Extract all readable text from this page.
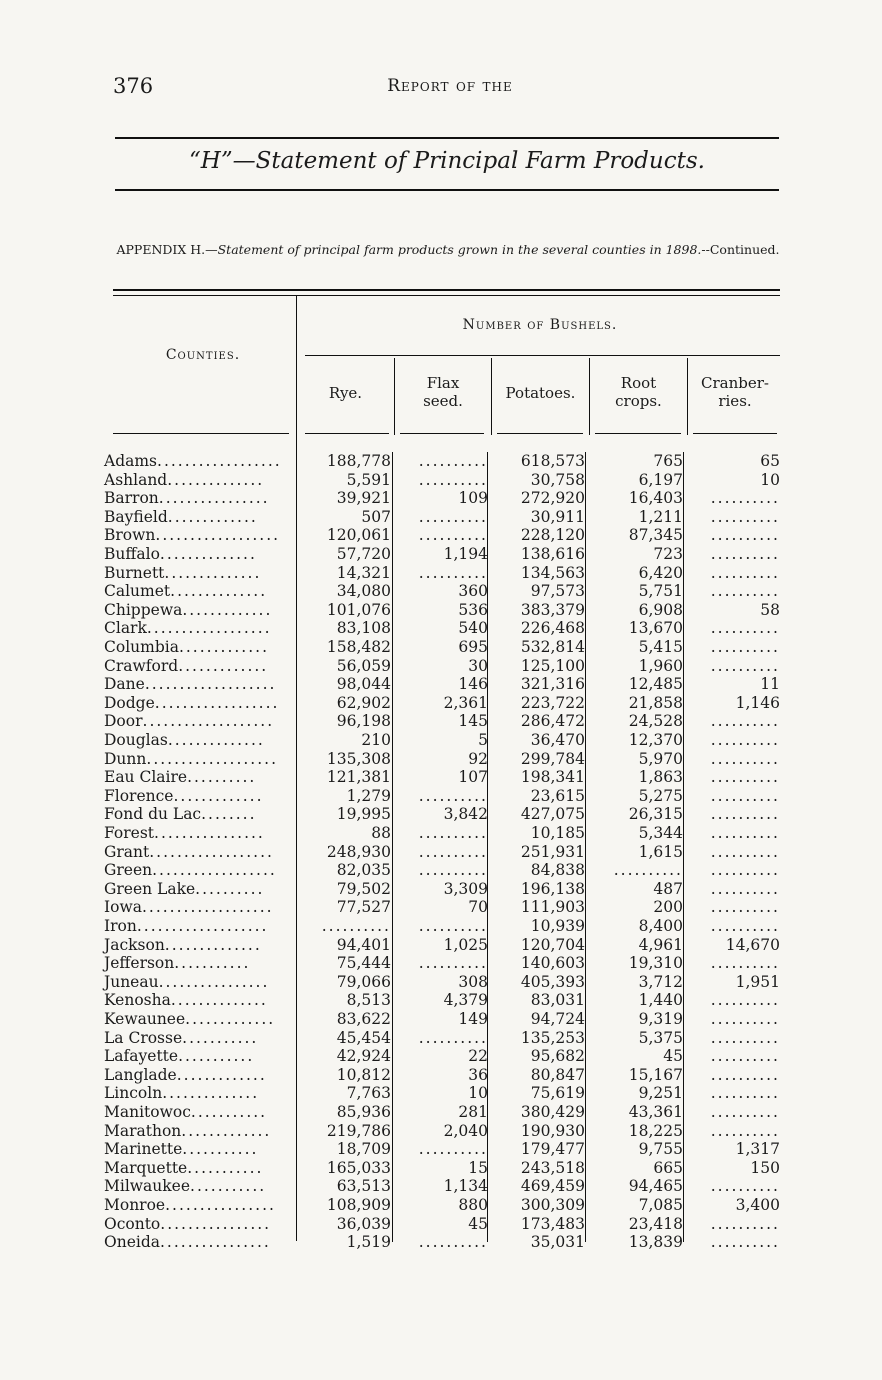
376	Report of the
“H”—Statement of Principal Farm Products.
APPENDIX H.—Statement of principal farm products grown in the several counties in 1898.--Continued.
Counties.
Number of Bushels.
Rye.
Flax
seed.	Potatoes.
Root
crops.
Cranber-
ries.
Adams..................	188,778	..........	618,573	765	65
Ashland..............	5,591	..........	30,758	6,197	10
Barron................	39,921	109	272,920	16,403	..........
Bayfield.............	507	..........	30,911	1,211	..........
Brown..................	120,061	..........	228,120	87,345	..........
Buffalo..............	57,720	1,194	138,616	723	..........
Burnett..............	14,321	..........	134,563	6,420	..........
Calumet..............	34,080	360	97,573	5,751	..........
Chippewa.............	101,076	536	383,379	6,908	58
Clark..................	83,108	540	226,468	13,670	..........
Columbia.............	158,482	695	532,814	5,415	..........
Crawford.............	56,059	30	125,100	1,960	..........
Dane...................	98,044	146	321,316	12,485	11
Dodge..................	62,902	2,361	223,722	21,858	1,146
Door...................	96,198	145	286,472	24,528	..........
Douglas..............	210	5	36,470	12,370	..........
Dunn...................	135,308	92	299,784	5,970	..........
Eau Claire..........	121,381	107	198,341	1,863	..........
Florence.............	1,279	..........	23,615	5,275	..........
Fond du Lac........	19,995	3,842	427,075	26,315	..........
Forest................	88	..........	10,185	5,344	..........
Grant..................	248,930	..........	251,931	1,615	..........
Green..................	82,035	..........	84,838	..........	..........
Green Lake..........	79,502	3,309	196,138	487	..........
Iowa...................	77,527	70	111,903	200	..........
Iron...................	..........	..........	10,939	8,400	..........
Jackson..............	94,401	1,025	120,704	4,961	14,670
Jefferson...........	75,444	..........	140,603	19,310	..........
Juneau................	79,066	308	405,393	3,712	1,951
Kenosha..............	8,513	4,379	83,031	1,440	..........
Kewaunee.............	83,622	149	94,724	9,319	..........
La Crosse...........	45,454	..........	135,253	5,375	..........
Lafayette...........	42,924	22	95,682	45	..........
Langlade.............	10,812	36	80,847	15,167	..........
Lincoln..............	7,763	10	75,619	9,251	..........
Manitowoc...........	85,936	281	380,429	43,361	..........
Marathon.............	219,786	2,040	190,930	18,225	..........
Marinette...........	18,709	..........	179,477	9,755	1,317
Marquette...........	165,033	15	243,518	665	150
Milwaukee...........	63,513	1,134	469,459	94,465	..........
Monroe................	108,909	880	300,309	7,085	3,400
Oconto................	36,039	45	173,483	23,418	..........
Oneida................	1,519	..........	35,031	13,839	..........
